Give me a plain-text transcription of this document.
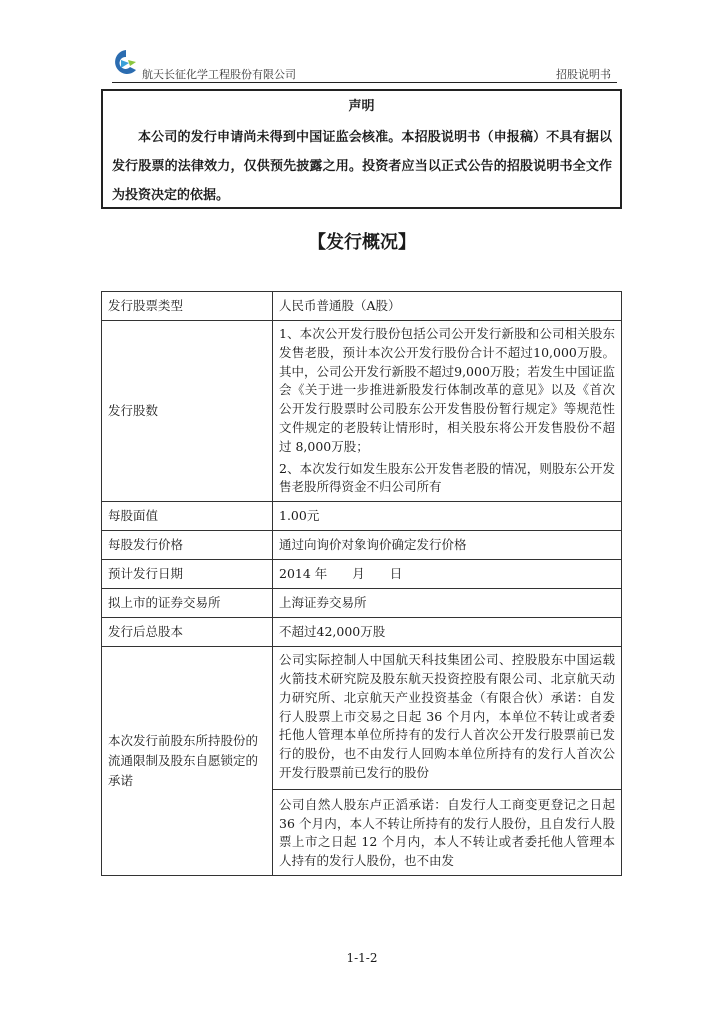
航天长征化学工程股份有限公司	招股说明书
声明
本公司的发行申请尚未得到中国证监会核准。本招股说明书（申报稿）不具有据以发行股票的法律效力，仅供预先披露之用。投资者应当以正式公告的招股说明书全文作为投资决定的依据。
【发行概况】
发行股票类型	人民币普通股（A股）
发行股数	1、本次公开发行股份包括公司公开发行新股和公司相关股东发售老股，预计本次公开发行股份合计不超过10,000万股。其中，公司公开发行新股不超过9,000万股；若发生中国证监会《关于进一步推进新股发行体制改革的意见》以及《首次公开发行股票时公司股东公开发售股份暂行规定》等规范性文件规定的老股转让情形时，相关股东将公开发售股份不超过 8,000万股；

2、本次发行如发生股东公开发售老股的情况，则股东公开发售老股所得资金不归公司所有

每股面值	1.00元
每股发行价格	通过向询价对象询价确定发行价格
预计发行日期	2014 年　　月　　日
拟上市的证券交易所	上海证券交易所
发行后总股本	不超过42,000万股
本次发行前股东所持股份的流通限制及股东自愿锁定的承诺	公司实际控制人中国航天科技集团公司、控股股东中国运载火箭技术研究院及股东航天投资控股有限公司、北京航天动力研究所、北京航天产业投资基金（有限合伙）承诺：自发行人股票上市交易之日起 36 个月内，本单位不转让或者委托他人管理本单位所持有的发行人首次公开发行股票前已发行的股份，也不由发行人回购本单位所持有的发行人首次公开发行股票前已发行的股份

公司自然人股东卢正滔承诺：自发行人工商变更登记之日起 36 个月内，本人不转让所持有的发行人股份，且自发行人股票上市之日起 12 个月内，本人不转让或者委托他人管理本人持有的发行人股份，也不由发
1-1-2
